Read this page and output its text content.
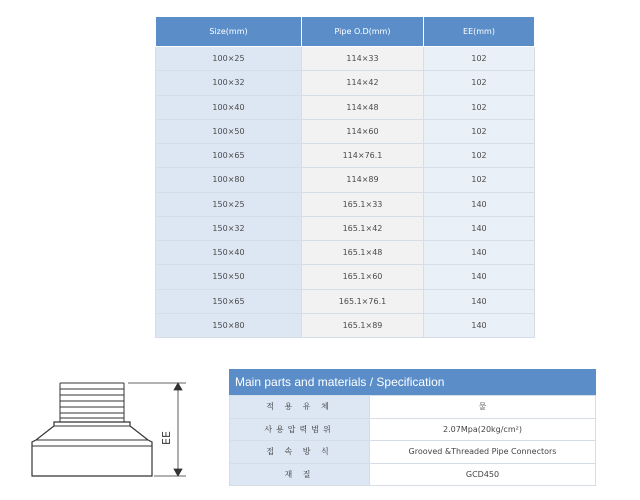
Size(mm)	Pipe O.D(mm)	EE(mm)
100×25	114×33	102
100×32	114×42	102
100×40	114×48	102
100×50	114×60	102
100×65	114×76.1	102
100×80	114×89	102
150×25	165.1×33	140
150×32	165.1×42	140
150×40	165.1×48	140
150×50	165.1×60	140
150×65	165.1×76.1	140
150×80	165.1×89	140
EE
Main parts and materials / Specification
적 용 유 체	물
사용압력범위	2.07Mpa(20kg/cm²)
접 속 방 식	Grooved &Threaded Pipe Connectors
재 질	GCD450
